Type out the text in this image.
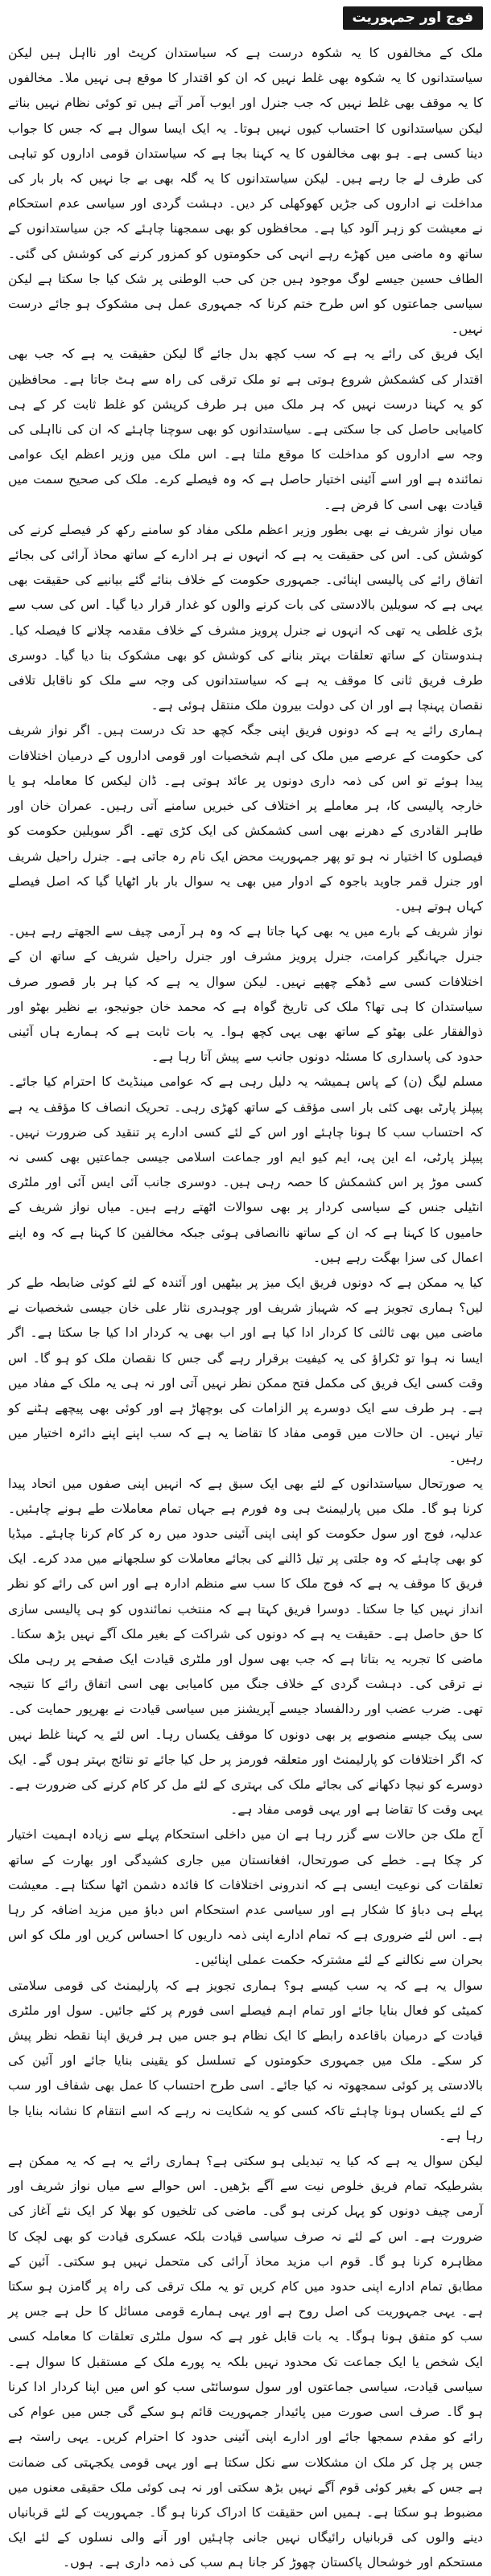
فوج اور جمہوریت

ملک کے مخالفوں کا یہ شکوہ درست ہے کہ سیاستدان کرپٹ اور نااہل ہیں لیکن سیاستدانوں کا یہ شکوہ بھی غلط نہیں کہ ان کو اقتدار کا موقع ہی نہیں ملا۔ مخالفوں کا یہ موقف بھی غلط نہیں کہ جب جنرل اور ایوب آمر آتے ہیں تو کوئی نظام نہیں بناتے لیکن سیاستدانوں کا احتساب کیوں نہیں ہوتا۔ یہ ایک ایسا سوال ہے کہ جس کا جواب دینا کسی ہے۔ ہو بھی مخالفوں کا یہ کہنا بجا ہے کہ سیاستدان قومی اداروں کو تباہی کی طرف لے جا رہے ہیں۔ لیکن سیاستدانوں کا یہ گلہ بھی بے جا نہیں کہ بار بار کی مداخلت نے اداروں کی جڑیں کھوکھلی کر دیں۔ دہشت گردی اور سیاسی عدم استحکام نے معیشت کو زہر آلود کیا ہے۔ محافظوں کو بھی سمجھنا چاہئے کہ جن سیاستدانوں کے ساتھ وہ ماضی میں کھڑے رہے انہی کی حکومتوں کو کمزور کرنے کی کوشش کی گئی۔ الطاف حسین جیسے لوگ موجود ہیں جن کی حب الوطنی پر شک کیا جا سکتا ہے لیکن سیاسی جماعتوں کو اس طرح ختم کرنا کہ جمہوری عمل ہی مشکوک ہو جائے درست نہیں۔

ایک فریق کی رائے یہ ہے کہ سب کچھ بدل جائے گا لیکن حقیقت یہ ہے کہ جب بھی اقتدار کی کشمکش شروع ہوتی ہے تو ملک ترقی کی راہ سے ہٹ جاتا ہے۔ محافظین کو یہ کہنا درست نہیں کہ ہر ملک میں ہر طرف کرپشن کو غلط ثابت کر کے ہی کامیابی حاصل کی جا سکتی ہے۔ سیاستدانوں کو بھی سوچنا چاہئے کہ ان کی نااہلی کی وجہ سے اداروں کو مداخلت کا موقع ملتا ہے۔ اس ملک میں وزیر اعظم ایک عوامی نمائندہ ہے اور اسے آئینی اختیار حاصل ہے کہ وہ فیصلے کرے۔ ملک کی صحیح سمت میں قیادت بھی اسی کا فرض ہے۔

میاں نواز شریف نے بھی بطور وزیر اعظم ملکی مفاد کو سامنے رکھ کر فیصلے کرنے کی کوشش کی۔ اس کی حقیقت یہ ہے کہ انہوں نے ہر ادارے کے ساتھ محاذ آرائی کی بجائے اتفاق رائے کی پالیسی اپنائی۔ جمہوری حکومت کے خلاف بنائے گئے بیانیے کی حقیقت بھی یہی ہے کہ سویلین بالادستی کی بات کرنے والوں کو غدار قرار دیا گیا۔ اس کی سب سے بڑی غلطی یہ تھی کہ انہوں نے جنرل پرویز مشرف کے خلاف مقدمہ چلانے کا فیصلہ کیا۔ ہندوستان کے ساتھ تعلقات بہتر بنانے کی کوشش کو بھی مشکوک بنا دیا گیا۔ دوسری طرف فریق ثانی کا موقف یہ ہے کہ سیاستدانوں کی وجہ سے ملک کو ناقابل تلافی نقصان پہنچا ہے اور ان کی دولت بیرون ملک منتقل ہوئی ہے۔

ہماری رائے یہ ہے کہ دونوں فریق اپنی جگہ کچھ حد تک درست ہیں۔ اگر نواز شریف کی حکومت کے عرصے میں ملک کی اہم شخصیات اور قومی اداروں کے درمیان اختلافات پیدا ہوئے تو اس کی ذمہ داری دونوں پر عائد ہوتی ہے۔ ڈان لیکس کا معاملہ ہو یا خارجہ پالیسی کا، ہر معاملے پر اختلاف کی خبریں سامنے آتی رہیں۔ عمران خان اور طاہر القادری کے دھرنے بھی اسی کشمکش کی ایک کڑی تھے۔ اگر سویلین حکومت کو فیصلوں کا اختیار نہ ہو تو پھر جمہوریت محض ایک نام رہ جاتی ہے۔ جنرل راحیل شریف اور جنرل قمر جاوید باجوہ کے ادوار میں بھی یہ سوال بار بار اٹھایا گیا کہ اصل فیصلے کہاں ہوتے ہیں۔

نواز شریف کے بارے میں یہ بھی کہا جاتا ہے کہ وہ ہر آرمی چیف سے الجھتے رہے ہیں۔ جنرل جہانگیر کرامت، جنرل پرویز مشرف اور جنرل راحیل شریف کے ساتھ ان کے اختلافات کسی سے ڈھکے چھپے نہیں۔ لیکن سوال یہ ہے کہ کیا ہر بار قصور صرف سیاستدان کا ہی تھا؟ ملک کی تاریخ گواہ ہے کہ محمد خان جونیجو، بے نظیر بھٹو اور ذوالفقار علی بھٹو کے ساتھ بھی یہی کچھ ہوا۔ یہ بات ثابت ہے کہ ہمارے ہاں آئینی حدود کی پاسداری کا مسئلہ دونوں جانب سے پیش آتا رہا ہے۔

مسلم لیگ (ن) کے پاس ہمیشہ یہ دلیل رہی ہے کہ عوامی مینڈیٹ کا احترام کیا جائے۔ پیپلز پارٹی بھی کئی بار اسی مؤقف کے ساتھ کھڑی رہی۔ تحریک انصاف کا مؤقف یہ ہے کہ احتساب سب کا ہونا چاہئے اور اس کے لئے کسی ادارے پر تنقید کی ضرورت نہیں۔ پیپلز پارٹی، اے این پی، ایم کیو ایم اور جماعت اسلامی جیسی جماعتیں بھی کسی نہ کسی موڑ پر اس کشمکش کا حصہ رہی ہیں۔ دوسری جانب آئی ایس آئی اور ملٹری انٹیلی جنس کے سیاسی کردار پر بھی سوالات اٹھتے رہے ہیں۔ میاں نواز شریف کے حامیوں کا کہنا ہے کہ ان کے ساتھ ناانصافی ہوئی جبکہ مخالفین کا کہنا ہے کہ وہ اپنے اعمال کی سزا بھگت رہے ہیں۔

کیا یہ ممکن ہے کہ دونوں فریق ایک میز پر بیٹھیں اور آئندہ کے لئے کوئی ضابطہ طے کر لیں؟ ہماری تجویز ہے کہ شہباز شریف اور چوہدری نثار علی خان جیسی شخصیات نے ماضی میں بھی ثالثی کا کردار ادا کیا ہے اور اب بھی یہ کردار ادا کیا جا سکتا ہے۔ اگر ایسا نہ ہوا تو ٹکراؤ کی یہ کیفیت برقرار رہے گی جس کا نقصان ملک کو ہو گا۔ اس وقت کسی ایک فریق کی مکمل فتح ممکن نظر نہیں آتی اور نہ ہی یہ ملک کے مفاد میں ہے۔ ہر طرف سے ایک دوسرے پر الزامات کی بوچھاڑ ہے اور کوئی بھی پیچھے ہٹنے کو تیار نہیں۔ ان حالات میں قومی مفاد کا تقاضا یہ ہے کہ سب اپنے اپنے دائرہ اختیار میں رہیں۔

یہ صورتحال سیاستدانوں کے لئے بھی ایک سبق ہے کہ انہیں اپنی صفوں میں اتحاد پیدا کرنا ہو گا۔ ملک میں پارلیمنٹ ہی وہ فورم ہے جہاں تمام معاملات طے ہونے چاہئیں۔ عدلیہ، فوج اور سول حکومت کو اپنی اپنی آئینی حدود میں رہ کر کام کرنا چاہئے۔ میڈیا کو بھی چاہئے کہ وہ جلتی پر تیل ڈالنے کی بجائے معاملات کو سلجھانے میں مدد کرے۔ ایک فریق کا موقف یہ ہے کہ فوج ملک کا سب سے منظم ادارہ ہے اور اس کی رائے کو نظر انداز نہیں کیا جا سکتا۔ دوسرا فریق کہتا ہے کہ منتخب نمائندوں کو ہی پالیسی سازی کا حق حاصل ہے۔ حقیقت یہ ہے کہ دونوں کی شراکت کے بغیر ملک آگے نہیں بڑھ سکتا۔

ماضی کا تجربہ یہ بتاتا ہے کہ جب بھی سول اور ملٹری قیادت ایک صفحے پر رہی ملک نے ترقی کی۔ دہشت گردی کے خلاف جنگ میں کامیابی بھی اسی اتفاق رائے کا نتیجہ تھی۔ ضرب عضب اور ردالفساد جیسے آپریشنز میں سیاسی قیادت نے بھرپور حمایت کی۔ سی پیک جیسے منصوبے پر بھی دونوں کا موقف یکساں رہا۔ اس لئے یہ کہنا غلط نہیں کہ اگر اختلافات کو پارلیمنٹ اور متعلقہ فورمز پر حل کیا جائے تو نتائج بہتر ہوں گے۔ ایک دوسرے کو نیچا دکھانے کی بجائے ملک کی بہتری کے لئے مل کر کام کرنے کی ضرورت ہے۔ یہی وقت کا تقاضا ہے اور یہی قومی مفاد ہے۔

آج ملک جن حالات سے گزر رہا ہے ان میں داخلی استحکام پہلے سے زیادہ اہمیت اختیار کر چکا ہے۔ خطے کی صورتحال، افغانستان میں جاری کشیدگی اور بھارت کے ساتھ تعلقات کی نوعیت ایسی ہے کہ اندرونی اختلافات کا فائدہ دشمن اٹھا سکتا ہے۔ معیشت پہلے ہی دباؤ کا شکار ہے اور سیاسی عدم استحکام اس دباؤ میں مزید اضافہ کر رہا ہے۔ اس لئے ضروری ہے کہ تمام ادارے اپنی ذمہ داریوں کا احساس کریں اور ملک کو اس بحران سے نکالنے کے لئے مشترکہ حکمت عملی اپنائیں۔

سوال یہ ہے کہ یہ سب کیسے ہو؟ ہماری تجویز ہے کہ پارلیمنٹ کی قومی سلامتی کمیٹی کو فعال بنایا جائے اور تمام اہم فیصلے اسی فورم پر کئے جائیں۔ سول اور ملٹری قیادت کے درمیان باقاعدہ رابطے کا ایک نظام ہو جس میں ہر فریق اپنا نقطہ نظر پیش کر سکے۔ ملک میں جمہوری حکومتوں کے تسلسل کو یقینی بنایا جائے اور آئین کی بالادستی پر کوئی سمجھوتہ نہ کیا جائے۔ اسی طرح احتساب کا عمل بھی شفاف اور سب کے لئے یکساں ہونا چاہئے تاکہ کسی کو یہ شکایت نہ رہے کہ اسے انتقام کا نشانہ بنایا جا رہا ہے۔

لیکن سوال یہ ہے کہ کیا یہ تبدیلی ہو سکتی ہے؟ ہماری رائے یہ ہے کہ یہ ممکن ہے بشرطیکہ تمام فریق خلوص نیت سے آگے بڑھیں۔ اس حوالے سے میاں نواز شریف اور آرمی چیف دونوں کو پہل کرنی ہو گی۔ ماضی کی تلخیوں کو بھلا کر ایک نئے آغاز کی ضرورت ہے۔ اس کے لئے نہ صرف سیاسی قیادت بلکہ عسکری قیادت کو بھی لچک کا مظاہرہ کرنا ہو گا۔ قوم اب مزید محاذ آرائی کی متحمل نہیں ہو سکتی۔ آئین کے مطابق تمام ادارے اپنی حدود میں کام کریں تو یہ ملک ترقی کی راہ پر گامزن ہو سکتا ہے۔ یہی جمہوریت کی اصل روح ہے اور یہی ہمارے قومی مسائل کا حل ہے جس پر سب کو متفق ہونا ہوگا۔ یہ بات قابل غور ہے کہ سول ملٹری تعلقات کا معاملہ کسی ایک شخص یا ایک جماعت تک محدود نہیں بلکہ یہ پورے ملک کے مستقبل کا سوال ہے۔ سیاسی قیادت، سیاسی جماعتوں اور سول سوسائٹی سب کو اس میں اپنا کردار ادا کرنا ہو گا۔ صرف اسی صورت میں پائیدار جمہوریت قائم ہو سکے گی جس میں عوام کی رائے کو مقدم سمجھا جائے اور ادارے اپنی آئینی حدود کا احترام کریں۔ یہی راستہ ہے جس پر چل کر ملک ان مشکلات سے نکل سکتا ہے اور یہی قومی یکجہتی کی ضمانت ہے جس کے بغیر کوئی قوم آگے نہیں بڑھ سکتی اور نہ ہی کوئی ملک حقیقی معنوں میں مضبوط ہو سکتا ہے۔ ہمیں اس حقیقت کا ادراک کرنا ہو گا۔ جمہوریت کے لئے قربانیاں دینے والوں کی قربانیاں رائیگاں نہیں جانی چاہئیں اور آنے والی نسلوں کے لئے ایک مستحکم اور خوشحال پاکستان چھوڑ کر جانا ہم سب کی ذمہ داری ہے۔ ہوں۔
